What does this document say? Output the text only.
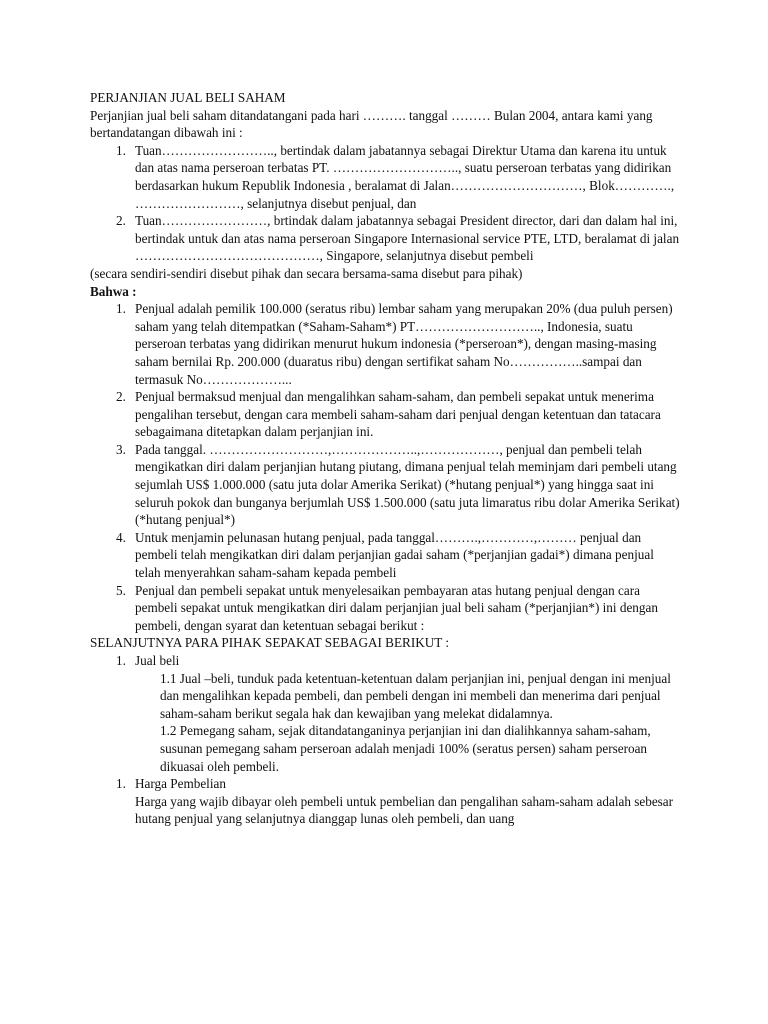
PERJANJIAN JUAL BELI SAHAM

Perjanjian jual beli saham ditandatangani pada hari ………. tanggal ……… Bulan 2004, antara kami yang bertandatangan dibawah ini :

1. Tuan…………………….., bertindak dalam jabatannya sebagai Direktur Utama dan karena itu untuk dan atas nama perseroan terbatas PT. ……………………….., suatu perseroan terbatas yang didirikan berdasarkan hukum Republik Indonesia , beralamat di Jalan…………………………, Blok…………., ……………………, selanjutnya disebut penjual, dan
2. Tuan……………………, brtindak dalam jabatannya sebagai President director, dari dan dalam hal ini, bertindak untuk dan atas nama perseroan Singapore Internasional service PTE, LTD, beralamat di jalan ……………………………………, Singapore, selanjutnya disebut pembeli

(secara sendiri-sendiri disebut pihak dan secara bersama-sama disebut para pihak)

Bahwa :

1. Penjual adalah pemilik 100.000 (seratus ribu) lembar saham yang merupakan 20% (dua puluh persen) saham yang telah ditempatkan (*Saham-Saham*) PT……………………….., Indonesia, suatu perseroan terbatas yang didirikan menurut hukum indonesia (*perseroan*), dengan masing-masing saham bernilai Rp. 200.000 (duaratus ribu) dengan sertifikat saham No……………..sampai dan termasuk No………………...
2. Penjual bermaksud menjual dan mengalihkan saham-saham, dan pembeli sepakat untuk menerima pengalihan tersebut, dengan cara membeli saham-saham dari penjual dengan ketentuan dan tatacara sebagaimana ditetapkan dalam perjanjian ini.
3. Pada tanggal. ………………………,………………..,………………, penjual dan pembeli telah mengikatkan diri dalam perjanjian hutang piutang, dimana penjual telah meminjam dari pembeli utang sejumlah US$ 1.000.000 (satu juta dolar Amerika Serikat) (*hutang penjual*) yang hingga saat ini seluruh pokok dan bunganya berjumlah US$ 1.500.000 (satu juta limaratus ribu dolar Amerika Serikat) (*hutang penjual*)
4. Untuk menjamin pelunasan hutang penjual, pada tanggal……….,…………,……… penjual dan pembeli telah mengikatkan diri dalam perjanjian gadai saham (*perjanjian gadai*) dimana penjual telah menyerahkan saham-saham kepada pembeli
5. Penjual dan pembeli sepakat untuk menyelesaikan pembayaran atas hutang penjual dengan cara pembeli sepakat untuk mengikatkan diri dalam perjanjian jual beli saham (*perjanjian*) ini dengan pembeli, dengan syarat dan ketentuan sebagai berikut :

SELANJUTNYA PARA PIHAK SEPAKAT SEBAGAI BERIKUT :

1. Jual beli

1.1 Jual –beli, tunduk pada ketentuan-ketentuan dalam perjanjian ini, penjual dengan ini menjual dan mengalihkan kepada pembeli, dan pembeli dengan ini membeli dan menerima dari penjual saham-saham berikut segala hak dan kewajiban yang melekat didalamnya.

1.2 Pemegang saham, sejak ditandatanganinya perjanjian ini dan dialihkannya saham-saham, susunan pemegang saham perseroan adalah menjadi 100% (seratus persen) saham perseroan dikuasai oleh pembeli.

1. Harga Pembelian

Harga yang wajib dibayar oleh pembeli untuk pembelian dan pengalihan saham-saham adalah sebesar hutang penjual yang selanjutnya dianggap lunas oleh pembeli, dan uang
